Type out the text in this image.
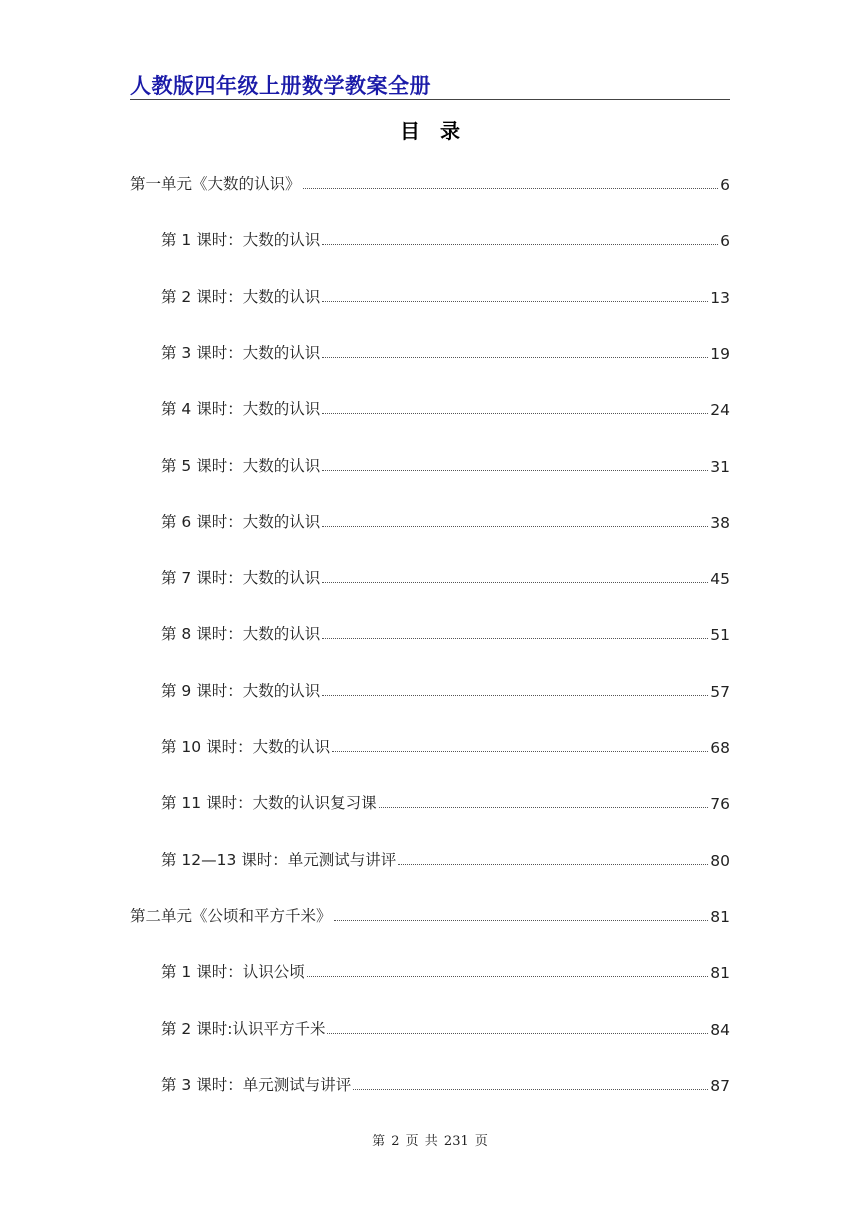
人教版四年级上册数学教案全册
目　录
第一单元《大数的认识》	6
第 1 课时：大数的认识	6
第 2 课时：大数的认识	13
第 3 课时：大数的认识	19
第 4 课时：大数的认识	24
第 5 课时：大数的认识	31
第 6 课时：大数的认识	38
第 7 课时：大数的认识	45
第 8 课时：大数的认识	51
第 9 课时：大数的认识	57
第 10 课时：大数的认识	68
第 11 课时：大数的认识复习课	76
第 12—13 课时：单元测试与讲评	80
第二单元《公顷和平方千米》	81
第 1 课时：认识公顷	81
第 2 课时:认识平方千米	84
第 3 课时：单元测试与讲评	87
第 2 页 共 231 页
